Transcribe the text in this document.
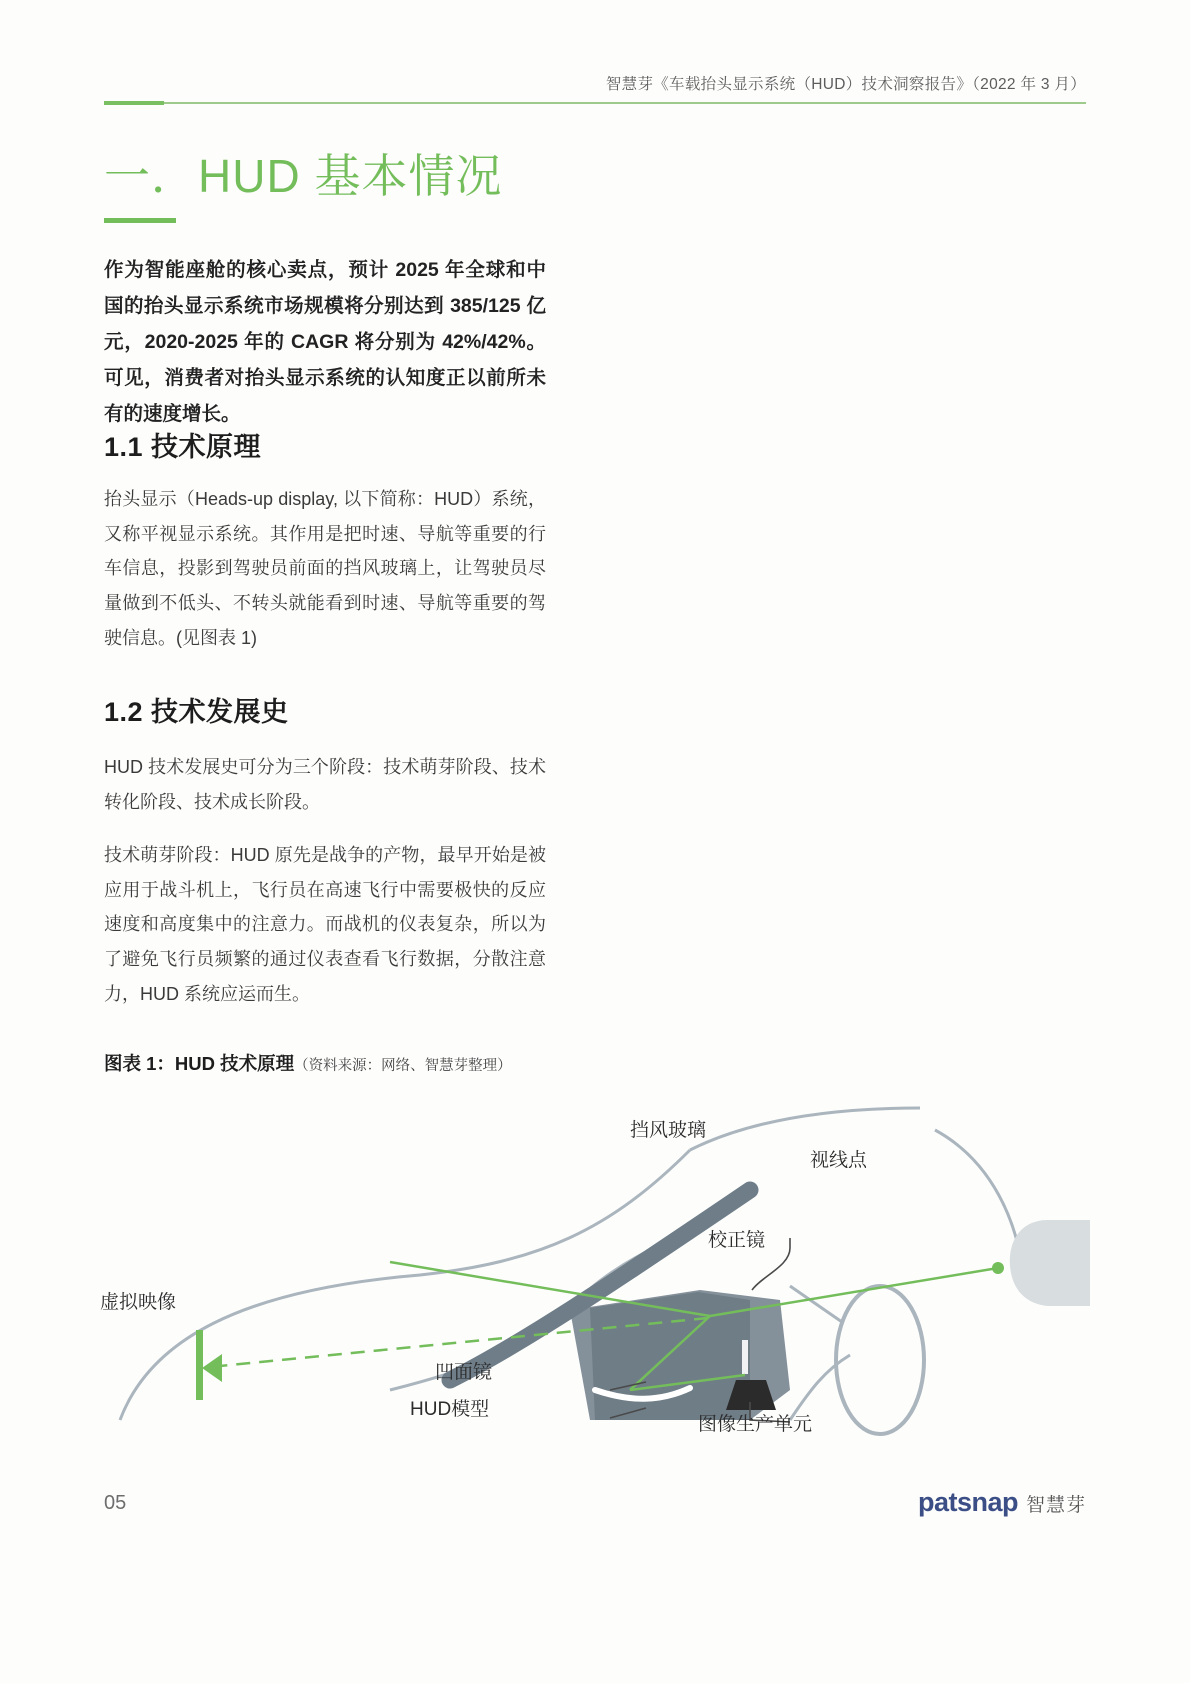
智慧芽《车载抬头显示系统（HUD）技术洞察报告》（2022 年 3 月）
一．HUD 基本情况
作为智能座舱的核心卖点，预计 2025 年全球和中国的抬头显示系统市场规模将分别达到 385/125 亿元，2020-2025 年的 CAGR 将分别为 42%/42%。可见，消费者对抬头显示系统的认知度正以前所未有的速度增长。
1.1 技术原理
抬头显示（Heads-up display, 以下简称：HUD）系统，又称平视显示系统。其作用是把时速、导航等重要的行车信息，投影到驾驶员前面的挡风玻璃上，让驾驶员尽量做到不低头、不转头就能看到时速、导航等重要的驾驶信息。(见图表 1)
1.2 技术发展史
HUD 技术发展史可分为三个阶段：技术萌芽阶段、技术转化阶段、技术成长阶段。
技术萌芽阶段：HUD 原先是战争的产物，最早开始是被应用于战斗机上，飞行员在高速飞行中需要极快的反应速度和高度集中的注意力。而战机的仪表复杂，所以为了避免飞行员频繁的通过仪表查看飞行数据，分散注意力，HUD 系统应运而生。
图表 1：HUD 技术原理（资料来源：网络、智慧芽整理）
挡风玻璃
视线点
校正镜
虚拟映像
凹面镜
HUD模型
图像生产单元
05	patsnap 智慧芽
